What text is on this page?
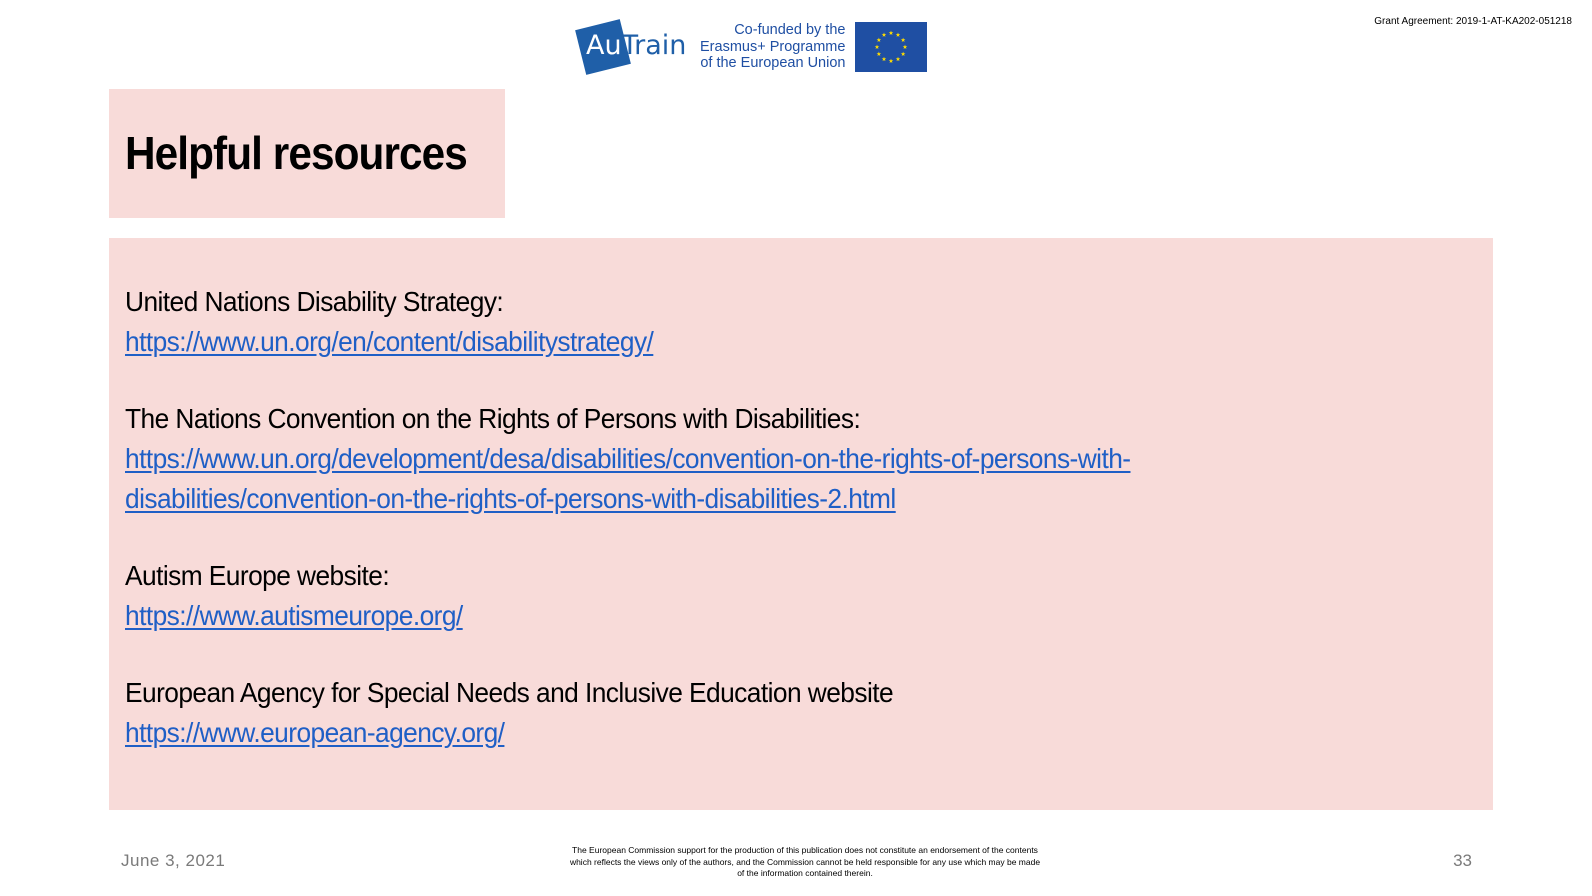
Grant Agreement: 2019-1-AT-KA202-051218
AuTrain	Co-funded by the
Erasmus+ Programme
of the European Union
Helpful resources
United Nations Disability Strategy:
https://www.un.org/en/content/disabilitystrategy/
The Nations Convention on the Rights of Persons with Disabilities:
https://www.un.org/development/desa/disabilities/convention-on-the-rights-of-persons-with-
disabilities/convention-on-the-rights-of-persons-with-disabilities-2.html
Autism Europe website:
https://www.autismeurope.org/
European Agency for Special Needs and Inclusive Education website
https://www.european-agency.org/
June 3, 2021
The European Commission support for the production of this publication does not constitute an endorsement of the contents
which reflects the views only of the authors, and the Commission cannot be held responsible for any use which may be made
of the information contained therein.
33
